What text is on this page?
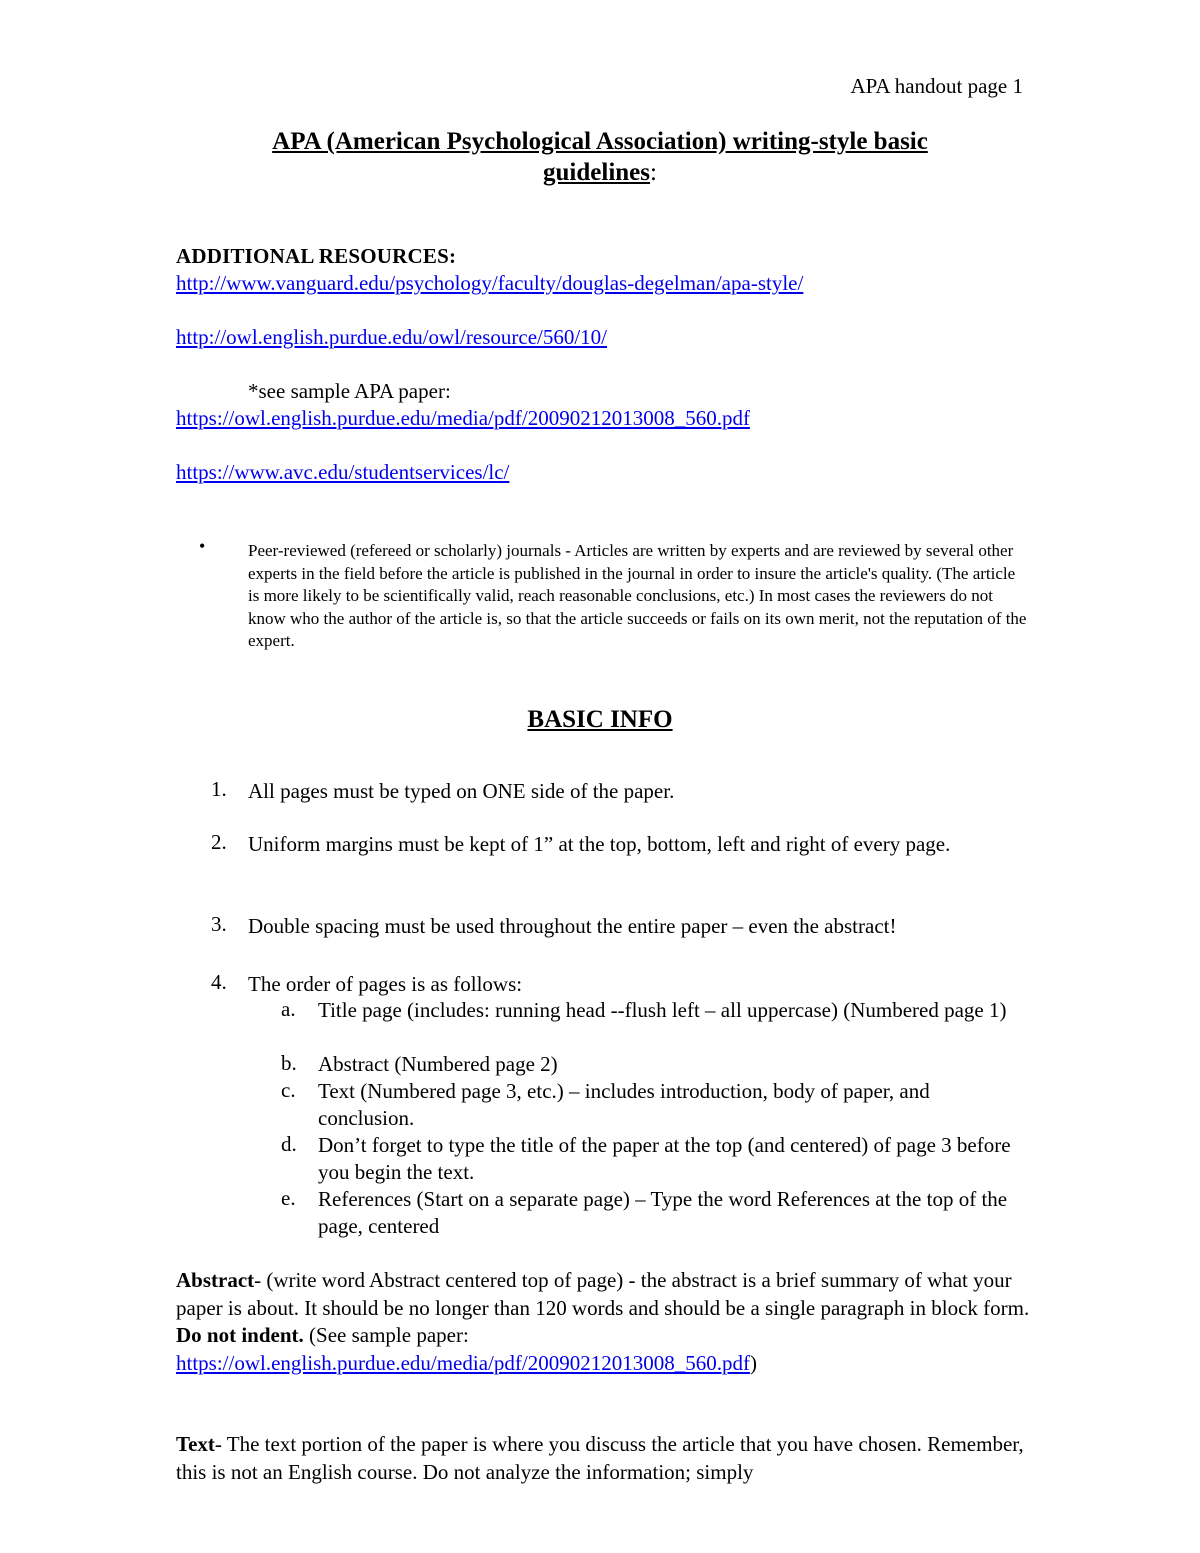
APA handout page 1
APA (American Psychological Association) writing-style basic
guidelines:
ADDITIONAL RESOURCES:
http://www.vanguard.edu/psychology/faculty/douglas-degelman/apa-style/
http://owl.english.purdue.edu/owl/resource/560/10/
*see sample APA paper:
https://owl.english.purdue.edu/media/pdf/20090212013008_560.pdf
https://www.avc.edu/studentservices/lc/
•	Peer-reviewed (refereed or scholarly) journals - Articles are written by experts and are reviewed by several other experts in the field before the article is published in the journal in order to insure the article's quality. (The article is more likely to be scientifically valid, reach reasonable conclusions, etc.) In most cases the reviewers do not know who the author of the article is, so that the article succeeds or fails on its own merit, not the reputation of the expert.
BASIC INFO
1. All pages must be typed on ONE side of the paper.
2. Uniform margins must be kept of 1” at the top, bottom, left and right of every page.
3. Double spacing must be used throughout the entire paper – even the abstract!
4. The order of pages is as follows:
a. Title page (includes: running head --flush left – all uppercase) (Numbered page 1)
b. Abstract (Numbered page 2)
c. Text (Numbered page 3, etc.) – includes introduction, body of paper, and conclusion.
d. Don’t forget to type the title of the paper at the top (and centered) of page 3 before you begin the text.
e. References (Start on a separate page) – Type the word References at the top of the page, centered
Abstract- (write word Abstract centered top of page) - the abstract is a brief summary of what your paper is about. It should be no longer than 120 words and should be a single paragraph in block form. Do not indent. (See sample paper:
https://owl.english.purdue.edu/media/pdf/20090212013008_560.pdf)
Text- The text portion of the paper is where you discuss the article that you have chosen. Remember, this is not an English course. Do not analyze the information; simply
